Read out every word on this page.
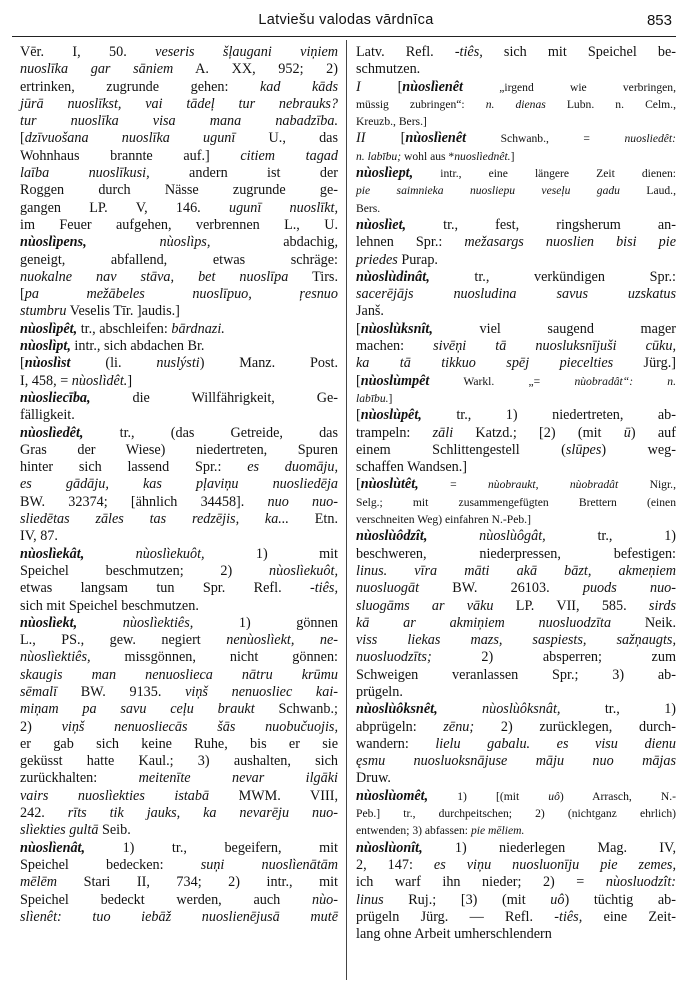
Latviešu valodas vārdnīca	853
Vēr. I, 50. veseris šļaugani viņiem
nuoslīka gar sāniem A. XX, 952; 2)
ertrinken, zugrunde gehen: kad kāds
jūrā nuoslīkst, vai tādeļ tur nebrauks?
tur nuoslīka visa mana nabadzība.
[dzīvuošana nuoslīka ugunī U., das
Wohnhaus brannte auf.] citiem tagad
laība nuoslīkusi, andern ist der
Roggen durch Nässe zugrunde ge-
gangen LP. V, 146. ugunī nuoslīkt,
im Feuer aufgehen, verbrennen L., U.
nùoslìpens,	nùoslìps, abdachig,
geneigt, abfallend, etwas schräge:
nuokalne nav stāva, bet nuoslīpa Tirs.
[pa mežābeles nuoslīpuo, ŗesnuo
stumbru Veselis Tīr. ]audis.]
nùoslìpêt, tr., abschleifen: bārdnazi.
nùoslìpt, intr., sich abdachen Br.
[nùoslìst (li. nuslýsti) Manz. Post.
I, 458, = nùoslìdêt.]
nùosliecība, die Willfährigkeit, Ge-
fälligkeit.
nùoslìedêt, tr., (das Getreide, das
Gras der Wiese) niedertreten, Spuren
hinter sich lassend Spr.: es duomāju,
es gādāju, kas pļaviņu nuosliedēja
BW. 32374; [ähnlich 34458]. nuo nuo-
sliedētas zāles tas redzējis, ka... Etn.
IV, 87.
nùoslìekât,	nùoslìekuôt, 1) mit
Speichel beschmutzen; 2) nùoslìekuôt,
etwas langsam tun Spr. Refl. -tiês,
sich mit Speichel beschmutzen.
nùoslìekt,	nùoslìektiês, 1) gönnen
L., PS., gew. negiert nenùoslìekt, ne-
nùoslìektiês, missgönnen, nicht gönnen:
skaugis man nenuoslieca nātru krūmu
sēmalī BW. 9135. viņš nenuosliec kai-
miņam pa savu ceļu braukt Schwanb.;
2) viņš nenuosliecās šās nuobučuojis,
er gab sich keine Ruhe, bis er sie
geküsst hatte Kaul.; 3) aushalten, sich
zurückhalten: meitenīte nevar ilgāki
vairs nuoslìekties istabā MWM. VIII,
242. rīts tik jauks, ka nevarēju nuo-
slìekties gultā Seib.
nùoslìenât, 1) tr., begeifern, mit
Speichel bedecken: suņi nuoslìenātām
mēlēm Stari II, 734; 2) intr., mit
Speichel bedeckt werden, auch nùo-
slìenêt: tuo iebāž nuoslienējusā mutē
Latv. Refl. -tiês, sich mit Speichel be-
schmutzen.
I [nùoslìenêt „irgend wie verbringen,
müssig zubringen“: n. dienas Lubn. n. Celm.,
Kreuzb., Bers.]
II [nùoslìenêt Schwanb., = nuosliedêt:
n. labību; wohl aus *nuoslìednêt.]
nùoslìept, intr., eine längere Zeit dienen:
pie saimnieka nuosliepu veseļu gadu Laud.,
Bers.
nùoslìet, tr., fest, ringsherum an-
lehnen Spr.: mežasargs nuoslien bisi pie
priedes Purap.
nùoslùdinât, tr., verkündigen Spr.:
sacerējājs nuosludina savus uzskatus
Janš.
[nùoslùksnît, viel saugend mager
machen: sivēņi tā nuosluksnījuši cūku,
ka tā tikkuo spēj piecelties Jürg.]
[nùoslùmpêt Warkl. „= nùobradât“: n.
labību.]
[nùoslùpêt, tr., 1) niedertreten, ab-
trampeln: zāli Katzd.; [2) (mit ū) auf
einem Schlittengestell (slūpes) weg-
schaffen Wandsen.]
[nùoslùtêt, = nùobraukt, nùobradât Nigr.,
Selg.; mit zusammengefügten Brettern (einen
verschneiten Weg) einfahren N.-Peb.]
nùoslùôdzît,	nùoslùôgât, tr., 1)
beschweren, niederpressen, befestigen:
linus. vīra māti akā bāzt, akmeņiem
nuosluogāt BW. 26103. puods nuo-
sluogāms ar vāku LP. VII, 585. sirds
kā ar akmiņiem nuosluodzīta Neik.
viss liekas mazs, saspiests, sažņaugts,
nuosluodzīts; 2) absperren; zum
Schweigen veranlassen Spr.; 3) ab-
prügeln.
nùoslùôksnêt,	nùoslùôksnât, tr., 1)
abprügeln: zēnu; 2) zurücklegen, durch-
wandern: lielu gabalu. es visu dienu
ęsmu nuosluoksnājuse māju nuo mājas
Druw.
nùoslùomêt, 1) [(mit uô) Arrasch, N.-
Peb.] tr., durchpeitschen; 2) (nichtganz ehrlich)
entwenden; 3) abfassen: pie mēliem.
nùoslùonît, 1) niederlegen Mag. IV,
2, 147: es viņu nuosluonīju pie zemes,
ich warf ihn nieder; 2) = nùosluodzît:
linus Ruj.; [3) (mit uô) tüchtig ab-
prügeln Jürg. — Refl. -tiês, eine Zeit-
lang ohne Arbeit umherschlendern
